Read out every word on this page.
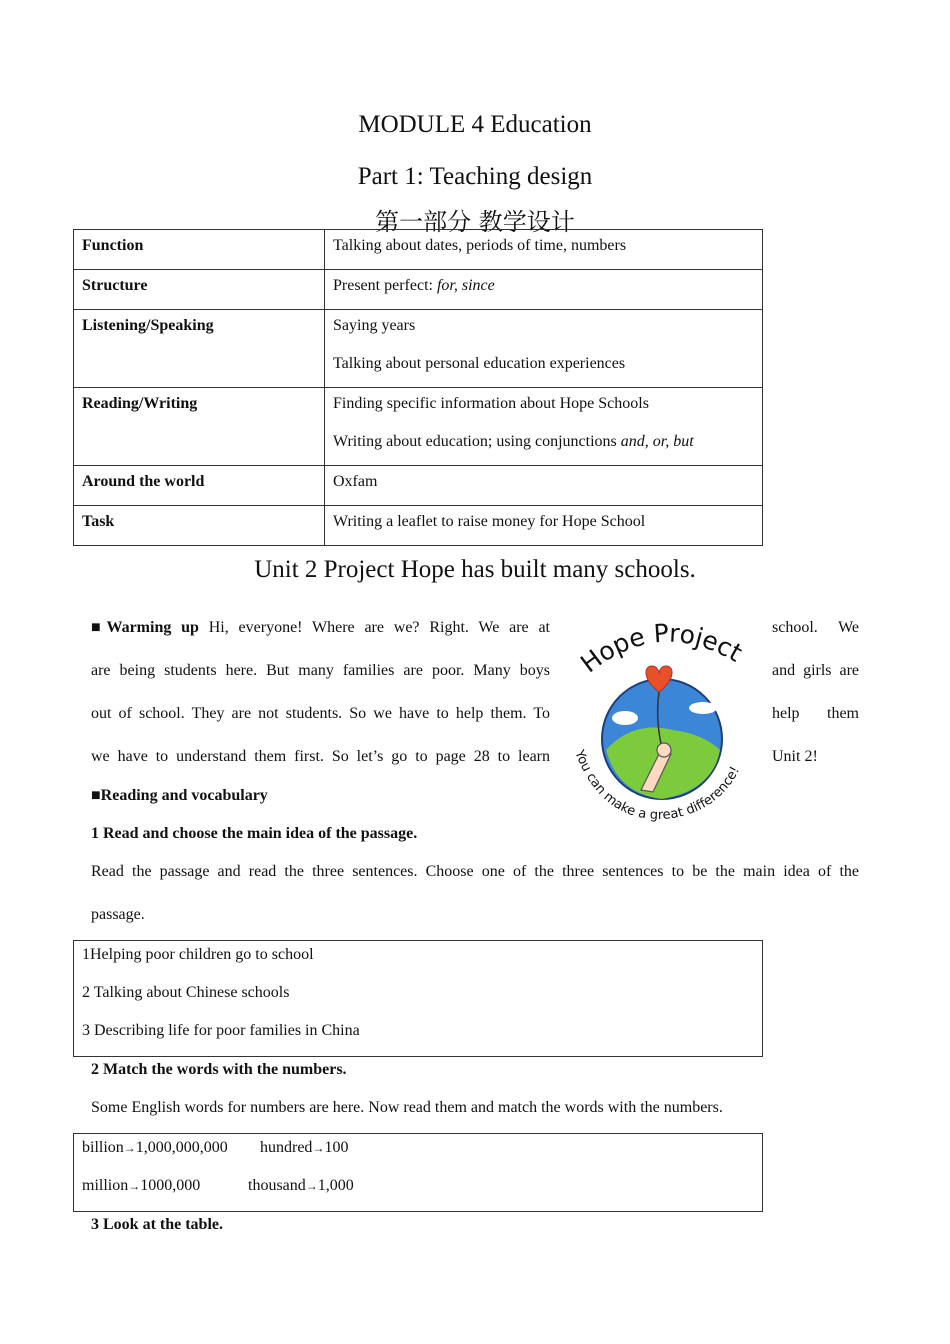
MODULE 4 Education
Part 1: Teaching design
第一部分 教学设计
Function	Talking about dates, periods of time, numbers

Structure	Present perfect: for, since

Listening/Speaking	Saying years

Talking about personal education experiences

Reading/Writing	Finding specific information about Hope Schools

Writing about education; using conjunctions and, or, but

Around the world	Oxfam

Task	Writing a leaflet to raise money for Hope School

Unit 2 Project Hope has built many schools.
■Warming up Hi, everyone! Where are we? Right. We are at
are being students here. But many families are poor. Many boys
out of school. They are not students. So we have to help them. To
we have to understand them first. So let’s go to page 28 to learn
school. We
and girls are
help them
Unit 2!
Hope Project
You can make a great difference!
■Reading and vocabulary
1 Read and choose the main idea of the passage.
Read the passage and read the three sentences. Choose one of the three sentences to be the main idea of the
passage.
1Helping poor children go to school
2 Talking about Chinese schools
3 Describing life for poor families in China
2 Match the words with the numbers.
Some English words for numbers are here. Now read them and match the words with the numbers.
billion→1,000,000,000 hundred→100
million→1000,000	thousand→1,000
3 Look at the table.
